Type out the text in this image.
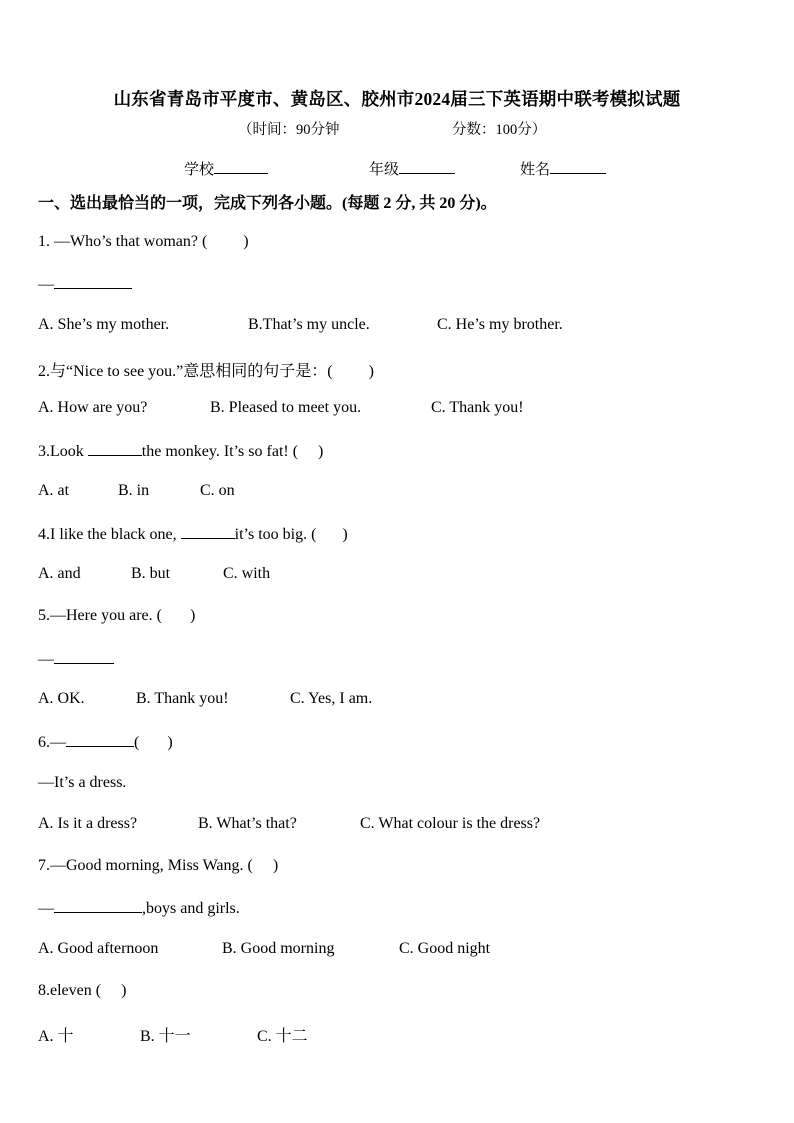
山东省青岛市平度市、黄岛区、胶州市2024届三下英语期中联考模拟试题
（时间：90分钟	分数：100分）
学校	年级	姓名
一、选出最恰当的一项，完成下列各小题。(每题 2 分, 共 20 分)。
1. —Who’s that woman? ( )
—
A. She’s my mother.	B.That’s my uncle.	C. He’s my brother.
2.与“Nice to see you.”意思相同的句子是：( )
A. How are you?	B. Pleased to meet you.	C. Thank you!
3.Look	the monkey. It’s so fat! ( )
A. at	B. in	C. on
4.I like the black one,	it’s too big. ( )
A. and	B. but	C. with
5.—Here you are. ( )
—
A. OK.	B. Thank you!	C. Yes, I am.
6.—	( )
—It’s a dress.
A. Is it a dress?	B. What’s that?	C. What colour is the dress?
7.—Good morning, Miss Wang. ( )
—	,boys and girls.
A. Good afternoon	B. Good morning	C. Good night
8.eleven ( )
A. 十	B. 十一	C. 十二
